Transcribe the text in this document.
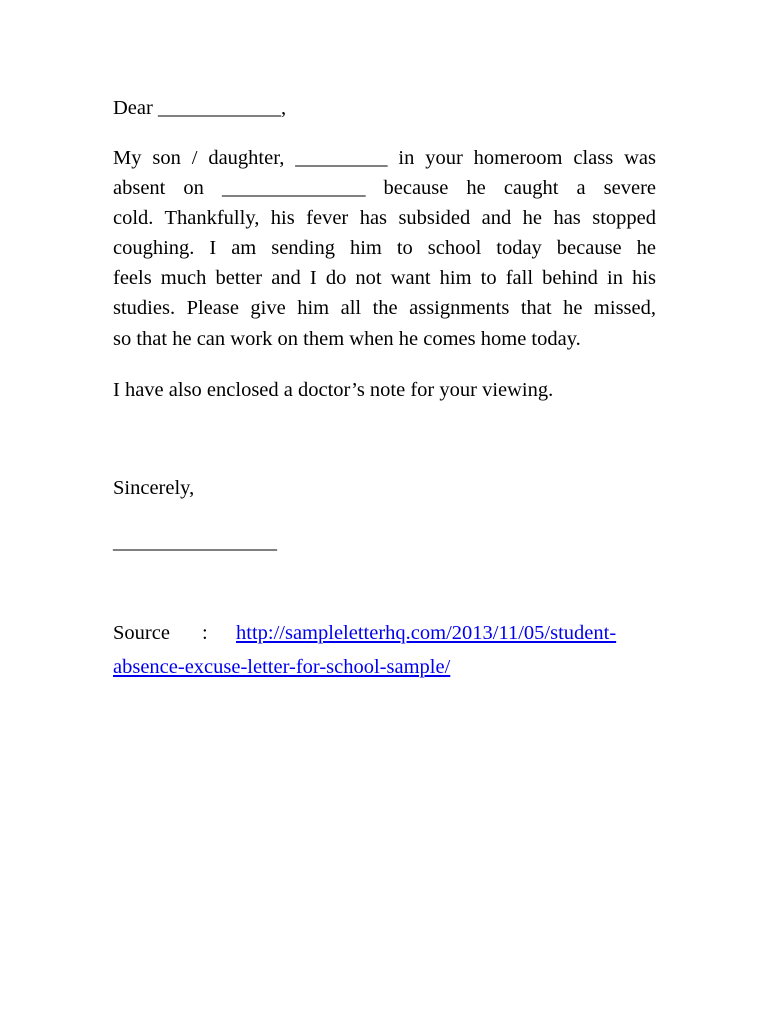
Dear ____________,
My son / daughter, _________ in your homeroom class was
absent on ______________ because he caught a severe
cold. Thankfully, his fever has subsided and he has stopped
coughing. I am sending him to school today because he
feels much better and I do not want him to fall behind in his
studies. Please give him all the assignments that he missed,
so that he can work on them when he comes home today.
I have also enclosed a doctor’s note for your viewing.
Sincerely,
________________
Source : http://sampleletterhq.com/2013/11/05/student-
absence-excuse-letter-for-school-sample/
